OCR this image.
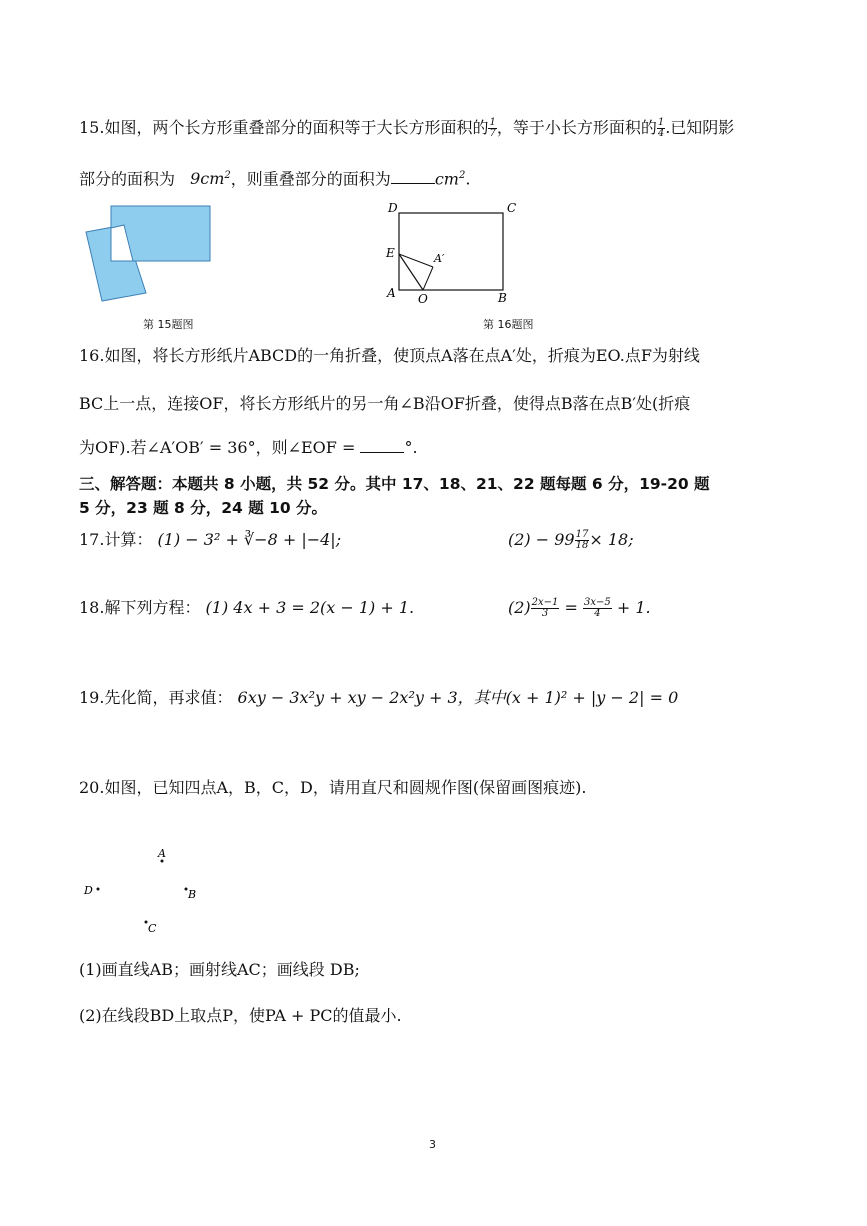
15.如图，两个长方形重叠部分的面积等于大长方形面积的 $\frac{1}{7}$ ，等于小长方形面积的 $\frac{1}{4}$ .已知阴影
部分的面积为 $9cm^2$，则重叠部分的面积为	$cm^2$.
第 15题图
D	C
E	A′
A O	B
第 16题图
16.如图，将长方形纸片ABCD的一角折叠，使顶点A落在点A′处，折痕为EO.点F为射线
BC上一点，连接OF，将长方形纸片的另一角∠B沿OF折叠，使得点B落在点B′处(折痕
为OF).若∠A′OB′ = 36°，则∠EOF =	°.
三、解答题：本题共 8 小题，共 52 分。其中 17、18、21、22 题每题 6 分，19-20 题
5 分，23 题 8 分，24 题 10 分。
17.计算： (1) − 3² + ∛−8 + |−4|;	$(2) - 99 \frac{17}{18} \times 18$;
18.解下列方程： (1) 4x + 3 = 2(x − 1) + 1.	$(2) \frac{2x-1}{3} = \frac{3x-5}{4} + 1$.
19.先化简，再求值： 6xy − 3x²y + xy − 2x²y + 3，其中(x + 1)² + |y − 2| = 0
20.如图，已知四点A，B，C，D，请用直尺和圆规作图(保留画图痕迹).
A
D	B
C
(1)画直线AB；画射线AC；画线段 DB;
(2)在线段BD上取点P，使PA + PC的值最小.
3
